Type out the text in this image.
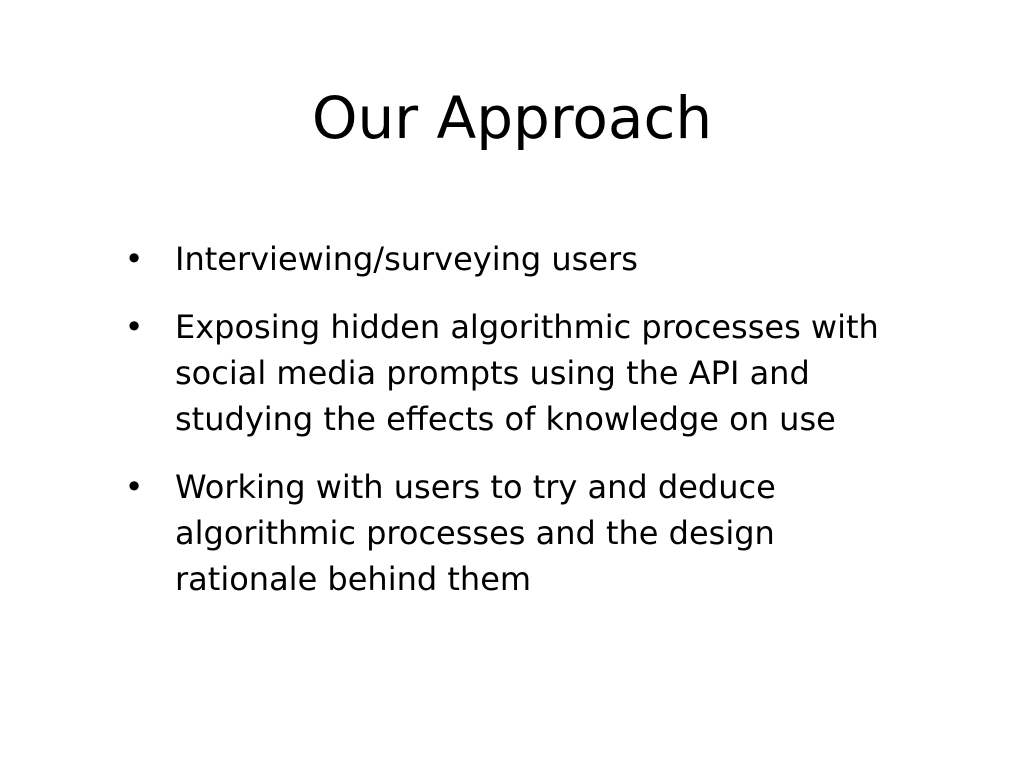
Our Approach
• Interviewing/surveying users
• Exposing hidden algorithmic processes with social media prompts using the API and studying the effects of knowledge on use
• Working with users to try and deduce algorithmic processes and the design rationale behind them
